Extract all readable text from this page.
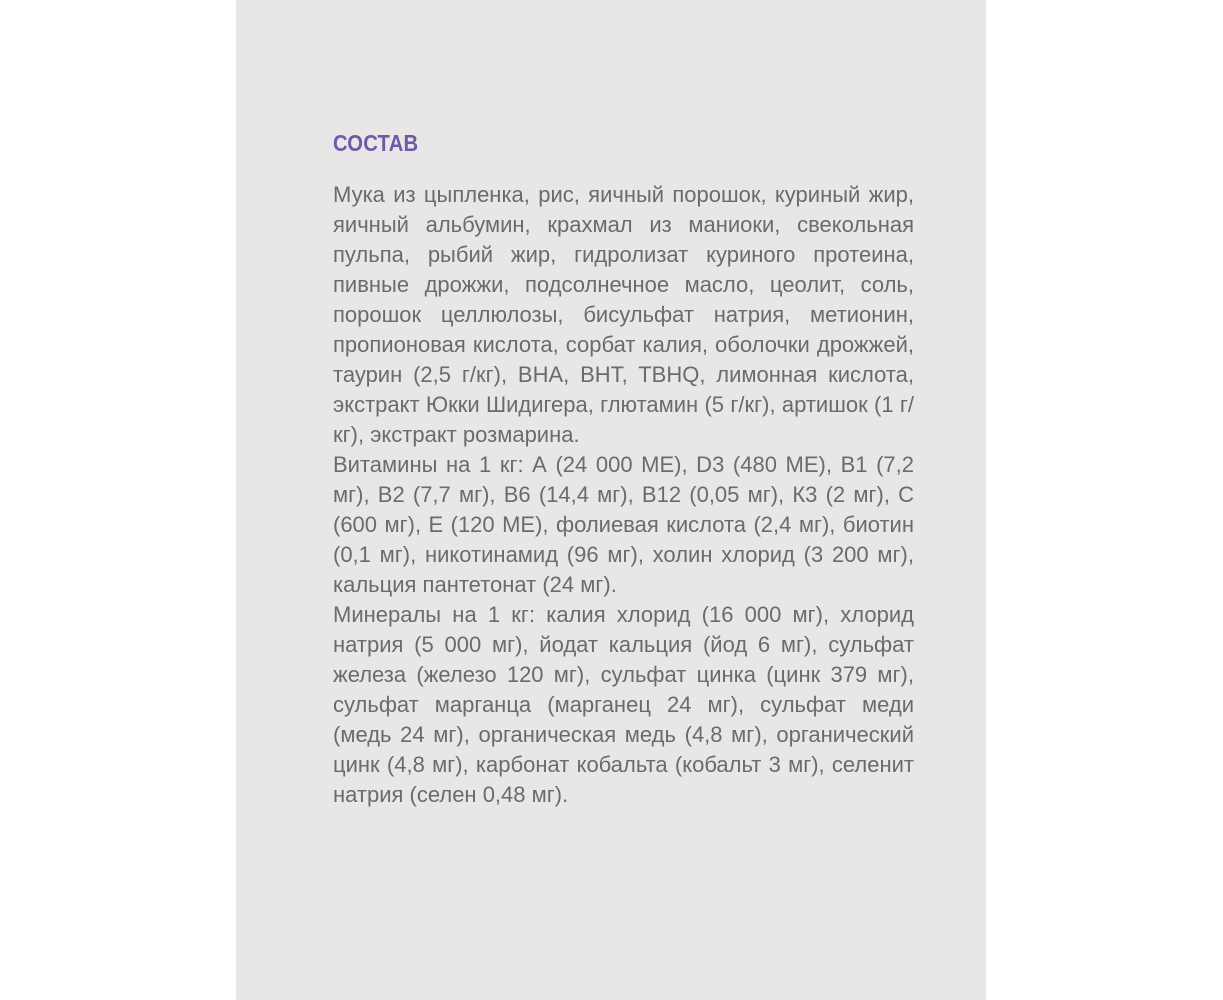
СОСТАВ

Мука из цыпленка, рис, яичный порошок, куриный жир, яичный альбумин, крахмал из маниоки, свекольная пульпа, рыбий жир, гидролизат куриного протеина, пивные дрожжи, подсолнечное масло, цеолит, соль, порошок целлюлозы, бисульфат натрия, метионин, пропионовая кислота, сорбат калия, оболочки дрожжей, таурин (2,5 г/кг), BHA, BHT, TBHQ, лимонная кислота, экстракт Юкки Шидигера, глютамин (5 г/кг), артишок (1 г/кг), экстракт розмарина.

Витамины на 1 кг: А (24 000 МЕ), D3 (480 МЕ), B1 (7,2 мг), B2 (7,7 мг), B6 (14,4 мг), B12 (0,05 мг), К3 (2 мг), С (600 мг), Е (120 МЕ), фолиевая кислота (2,4 мг), биотин (0,1 мг), никотинамид (96 мг), холин хлорид (3 200 мг), кальция пантетонат (24 мг).

Минералы на 1 кг: калия хлорид (16 000 мг), хлорид натрия (5 000 мг), йодат кальция (йод 6 мг), сульфат железа (железо 120 мг), сульфат цинка (цинк 379 мг), сульфат марганца (марганец 24 мг), сульфат меди (медь 24 мг), органическая медь (4,8 мг), органический цинк (4,8 мг), карбонат кобальта (кобальт 3 мг), селенит натрия (селен 0,48 мг).
